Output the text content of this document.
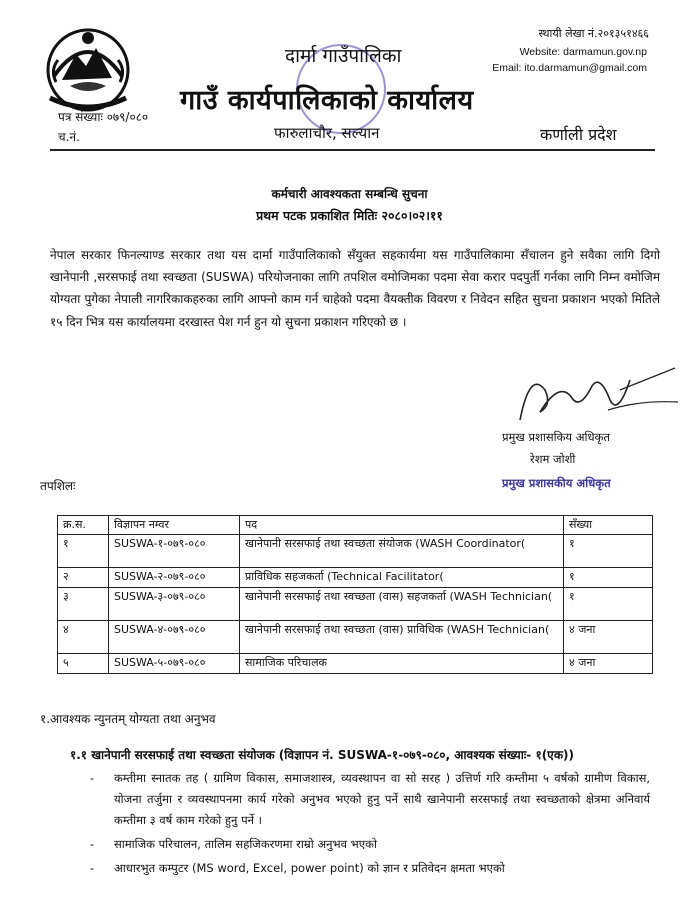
दार्मा गाउँपालिका
गाउँ कार्यपालिकाको कार्यालय
फारुलाचौर, सल्यान	कर्णाली प्रदेश
स्थायी लेखा नं.२०१३५१४६६
Website: darmamun.gov.np
Email: ito.darmamun@gmail.com
पत्र संख्याः ०७९/०८०
च.नं.
कर्मचारी आवश्यकता सम्बन्धि सुचना
प्रथम पटक प्रकाशित मितिः २०८०।०२।११
नेपाल सरकार फिनल्याण्ड सरकार तथा यस दार्मा गाउँपालिकाको सँयुक्त सहकार्यमा यस गाउँपालिकामा सँचालन हुने सवैका लागि दिगो खानेपानी ,सरसफाई तथा स्वच्छता (SUSWA) परियोजनाका लागि तपशिल वमोजिमका पदमा सेवा करार पदपुर्ती गर्नका लागि निम्न वमोजिम योग्यता पुगेका नेपाली नागरिकाकहरुका लागि आफ्नो काम गर्न चाहेको पदमा वैयक्तीक विवरण र निवेदन सहित सुचना प्रकाशन भएको मितिले १५ दिन भित्र यस कार्यालयमा दरखास्त पेश गर्न हुन यो सुचना प्रकाशन गरिएको छ ।
प्रमुख प्रशासकिय अधिकृत
रेशम जोशी
प्रमुख प्रशासकीय अधिकृत
तपशिलः
क्र.स.	विज्ञापन नम्वर	पद	सँख्या
१	SUSWA-१-०७९-०८०	खानेपानी सरसफाई तथा स्वच्छता संयोजक (WASH Coordinator(	१
२	SUSWA-२-०७९-०८०	प्राविधिक सहजकर्ता (Technical Facilitator(	१
३	SUSWA-३-०७९-०८०	खानेपानी सरसफाई तथा स्वच्छता (वास) सहजकर्ता (WASH Technician(	१
४	SUSWA-४-०७९-०८०	खानेपानी सरसफाई तथा स्वच्छता (वास) प्राविधिक (WASH Technician(	४ जना
५	SUSWA-५-०७९-०८०	सामाजिक परिचालक	४ जना
१.आवश्यक न्युनतम् योग्यता तथा अनुभव
१.१ खानेपानी सरसफाई तथा स्वच्छता संयोजक (विज्ञापन नं. SUSWA-१-०७९-०८०, आवश्यक संख्याः- १(एक))
- कम्तीमा स्नातक तह ( ग्रामिण विकास, समाजशास्त्र, व्यवस्थापन वा सो सरह ) उत्तिर्ण गरि कम्तीमा ५ वर्षको ग्रामीण विकास, योजना तर्जुमा र व्यवस्थापनमा कार्य गरेको अनुभव भएको हुनु पर्ने साथै खानेपानी सरसफाई तथा स्वच्छताको क्षेत्रमा अनिवार्य कम्तीमा ३ वर्ष काम गरेको हुनु पर्ने ।
- सामाजिक परिचालन, तालिम सहजिकरणमा राम्रो अनुभव भएको
- आधारभुत कम्पुटर (MS word, Excel, power point) को ज्ञान र प्रतिवेदन क्षमता भएको
